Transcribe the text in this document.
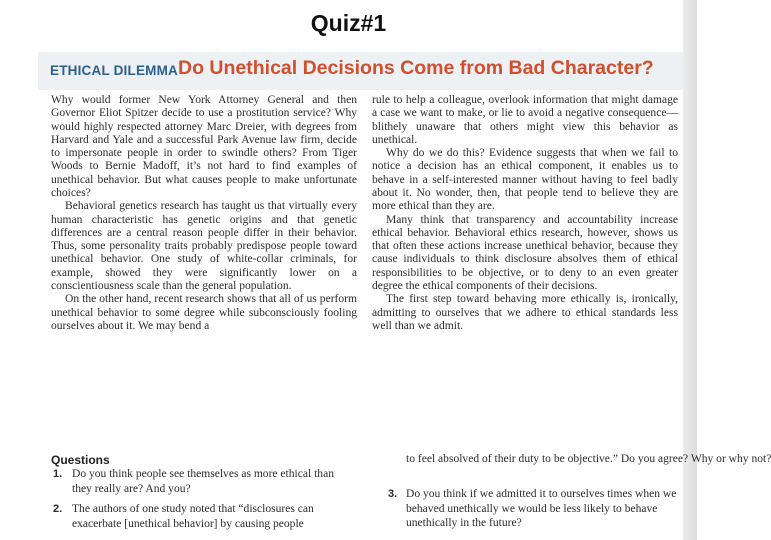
Quiz#1
ETHICAL DILEMMA Do Unethical Decisions Come from Bad Character?

Why would former New York Attorney General and then Governor Eliot Spitzer decide to use a prostitution service? Why would highly respected attorney Marc Dreier, with degrees from Harvard and Yale and a successful Park Avenue law firm, decide to impersonate people in order to swindle others? From Tiger Woods to Bernie Madoff, it’s not hard to find examples of unethical behavior. But what causes people to make unfortunate choices?

Behavioral genetics research has taught us that virtually every human characteristic has genetic origins and that genetic differences are a central reason people differ in their behavior. Thus, some personality traits probably predispose people toward unethical behavior. One study of white-collar criminals, for example, showed they were significantly lower on a conscientiousness scale than the general population.

On the other hand, recent research shows that all of us perform unethical behavior to some degree while subconsciously fooling ourselves about it. We may bend a

rule to help a colleague, overlook information that might damage a case we want to make, or lie to avoid a negative consequence—blithely unaware that others might view this behavior as unethical.

Why do we do this? Evidence suggests that when we fail to notice a decision has an ethical component, it enables us to behave in a self-interested manner without having to feel badly about it. No wonder, then, that people tend to believe they are more ethical than they are.

Many think that transparency and accountability increase ethical behavior. Behavioral ethics research, however, shows us that often these actions increase unethical behavior, because they cause individuals to think disclosure absolves them of ethical responsibilities to be objective, or to deny to an even greater degree the ethical components of their decisions.

The first step toward behaving more ethically is, ironically, admitting to ourselves that we adhere to ethical standards less well than we admit.

Questions
1. Do you think people see themselves as more ethical than they really are? And you?
2. The authors of one study noted that “disclosures can exacerbate [unethical behavior] by causing people
to feel absolved of their duty to be objective.” Do you agree? Why or why not?
3. Do you think if we admitted it to ourselves times when we behaved unethically we would be less likely to behave unethically in the future?
